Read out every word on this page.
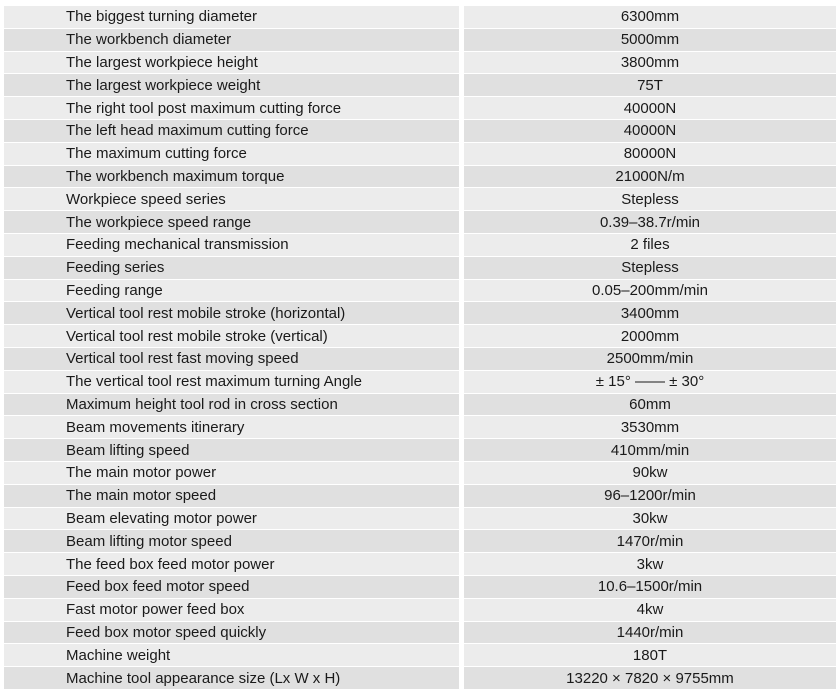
The biggest turning diameter	6300mm
The workbench diameter	5000mm
The largest workpiece height	3800mm
The largest workpiece weight	75T
The right tool post maximum cutting force	40000N
The left head maximum cutting force	40000N
The maximum cutting force	80000N
The workbench maximum torque	21000N/m
Workpiece speed series	Stepless
The workpiece speed range	0.39–38.7r/min
Feeding mechanical transmission	2 files
Feeding series	Stepless
Feeding range	0.05–200mm/min
Vertical tool rest mobile stroke (horizontal)	3400mm
Vertical tool rest mobile stroke (vertical)	2000mm
Vertical tool rest fast moving speed	2500mm/min
The vertical tool rest maximum turning Angle	± 15° —— ± 30°
Maximum height tool rod in cross section	60mm
Beam movements itinerary	3530mm
Beam lifting speed	410mm/min
The main motor power	90kw
The main motor speed	96–1200r/min
Beam elevating motor power	30kw
Beam lifting motor speed	1470r/min
The feed box feed motor power	3kw
Feed box feed motor speed	10.6–1500r/min
Fast motor power feed box	4kw
Feed box motor speed quickly	1440r/min
Machine weight	180T
Machine tool appearance size (Lx W x H)	13220 × 7820 × 9755mm
